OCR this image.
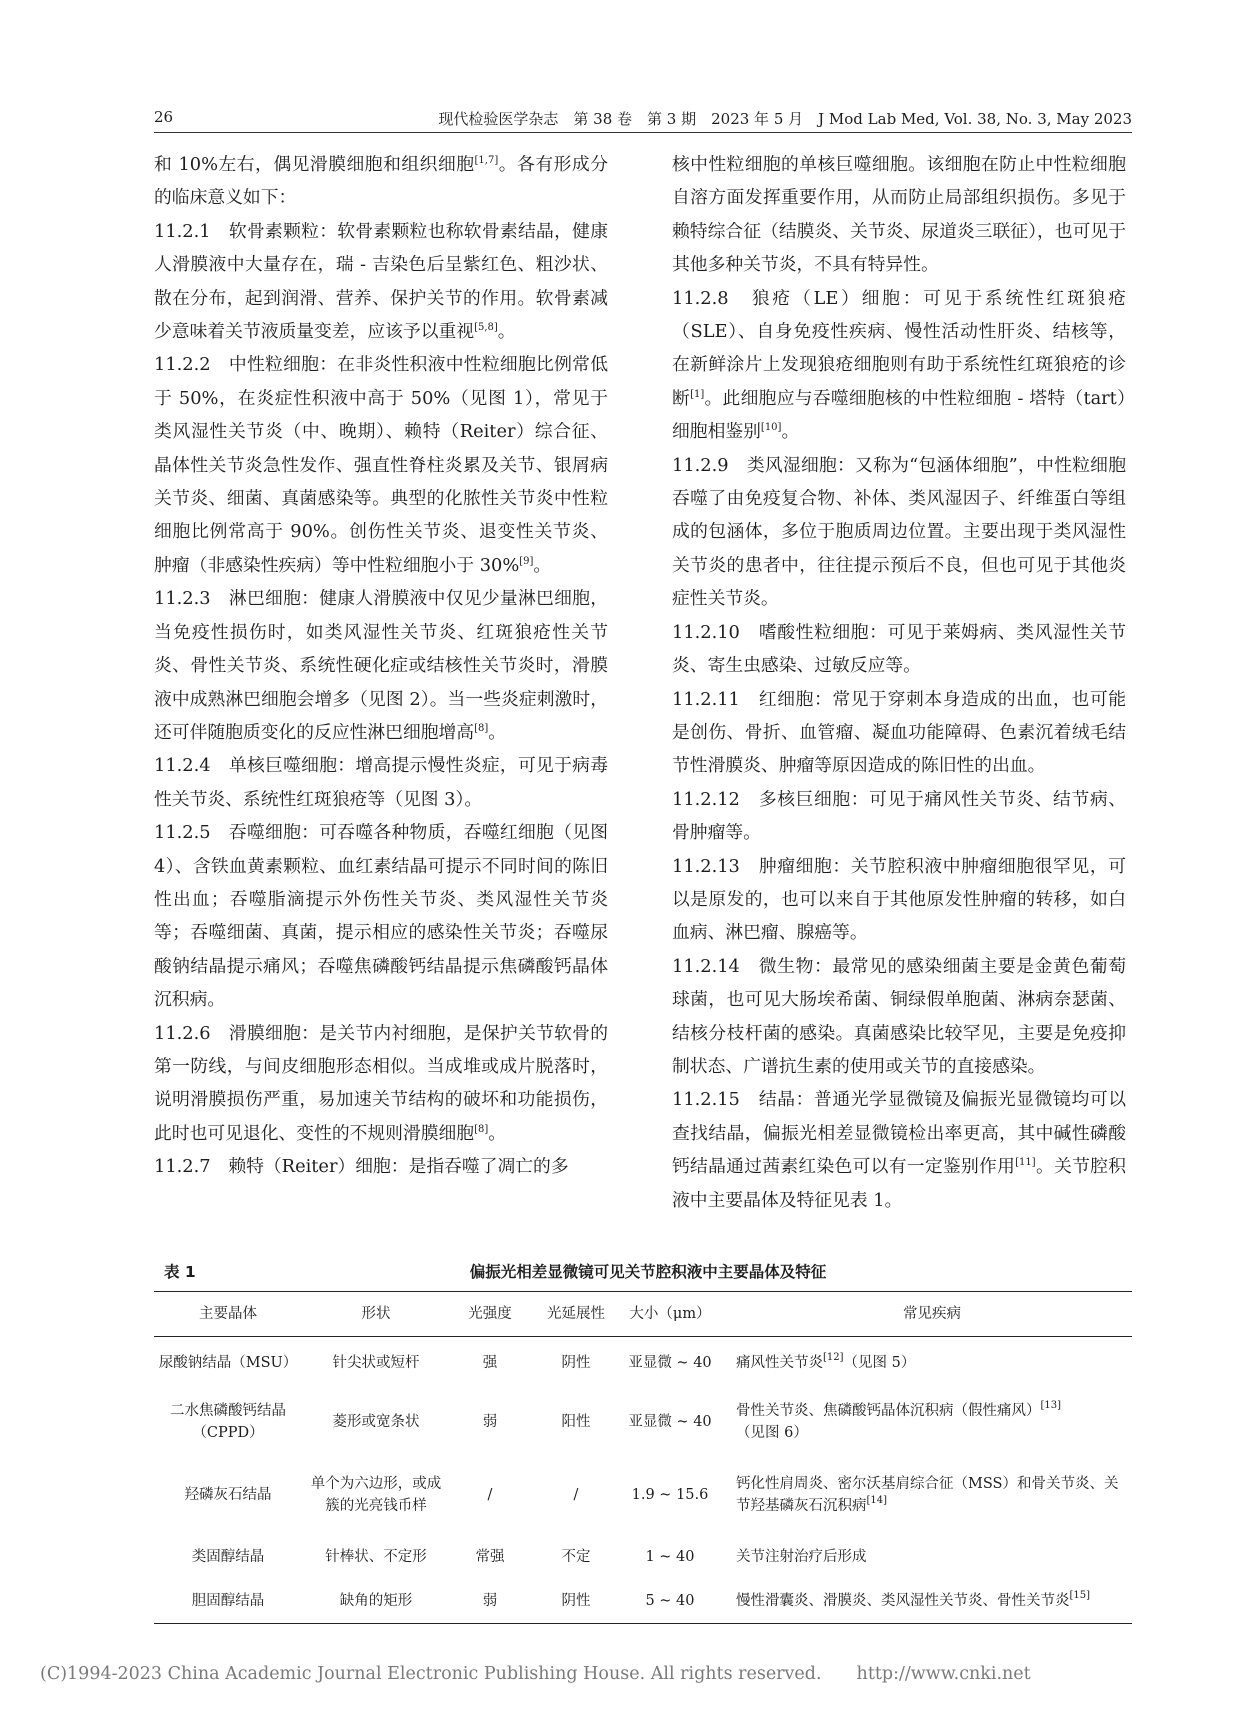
26	现代检验医学杂志　第 38 卷　第 3 期　2023 年 5 月　J Mod Lab Med, Vol. 38, No. 3, May 2023

和 10%左右，偶见滑膜细胞和组织细胞[1,7]。各有形成分的临床意义如下：

11.2.1　软骨素颗粒：软骨素颗粒也称软骨素结晶，健康人滑膜液中大量存在，瑞 - 吉染色后呈紫红色、粗沙状、散在分布，起到润滑、营养、保护关节的作用。软骨素减少意味着关节液质量变差，应该予以重视[5,8]。

11.2.2　中性粒细胞：在非炎性积液中性粒细胞比例常低于 50%，在炎症性积液中高于 50%（见图 1），常见于类风湿性关节炎（中、晚期）、赖特（Reiter）综合征、晶体性关节炎急性发作、强直性脊柱炎累及关节、银屑病关节炎、细菌、真菌感染等。典型的化脓性关节炎中性粒细胞比例常高于 90%。创伤性关节炎、退变性关节炎、肿瘤（非感染性疾病）等中性粒细胞小于 30%[9]。

11.2.3　淋巴细胞：健康人滑膜液中仅见少量淋巴细胞，当免疫性损伤时，如类风湿性关节炎、红斑狼疮性关节炎、骨性关节炎、系统性硬化症或结核性关节炎时，滑膜液中成熟淋巴细胞会增多（见图 2）。当一些炎症刺激时，还可伴随胞质变化的反应性淋巴细胞增高[8]。

11.2.4　单核巨噬细胞：增高提示慢性炎症，可见于病毒性关节炎、系统性红斑狼疮等（见图 3）。

11.2.5　吞噬细胞：可吞噬各种物质，吞噬红细胞（见图 4）、含铁血黄素颗粒、血红素结晶可提示不同时间的陈旧性出血；吞噬脂滴提示外伤性关节炎、类风湿性关节炎等；吞噬细菌、真菌，提示相应的感染性关节炎；吞噬尿酸钠结晶提示痛风；吞噬焦磷酸钙结晶提示焦磷酸钙晶体沉积病。

11.2.6　滑膜细胞：是关节内衬细胞，是保护关节软骨的第一防线，与间皮细胞形态相似。当成堆或成片脱落时，说明滑膜损伤严重，易加速关节结构的破坏和功能损伤，此时也可见退化、变性的不规则滑膜细胞[8]。

11.2.7　赖特（Reiter）细胞：是指吞噬了凋亡的多

核中性粒细胞的单核巨噬细胞。该细胞在防止中性粒细胞自溶方面发挥重要作用，从而防止局部组织损伤。多见于赖特综合征（结膜炎、关节炎、尿道炎三联征），也可见于其他多种关节炎，不具有特异性。

11.2.8　狼疮（LE）细胞：可见于系统性红斑狼疮（SLE）、自身免疫性疾病、慢性活动性肝炎、结核等，在新鲜涂片上发现狼疮细胞则有助于系统性红斑狼疮的诊断[1]。此细胞应与吞噬细胞核的中性粒细胞 - 塔特（tart）细胞相鉴别[10]。

11.2.9　类风湿细胞：又称为“包涵体细胞”，中性粒细胞吞噬了由免疫复合物、补体、类风湿因子、纤维蛋白等组成的包涵体，多位于胞质周边位置。主要出现于类风湿性关节炎的患者中，往往提示预后不良，但也可见于其他炎症性关节炎。

11.2.10　嗜酸性粒细胞：可见于莱姆病、类风湿性关节炎、寄生虫感染、过敏反应等。

11.2.11　红细胞：常见于穿刺本身造成的出血，也可能是创伤、骨折、血管瘤、凝血功能障碍、色素沉着绒毛结节性滑膜炎、肿瘤等原因造成的陈旧性的出血。

11.2.12　多核巨细胞：可见于痛风性关节炎、结节病、骨肿瘤等。

11.2.13　肿瘤细胞：关节腔积液中肿瘤细胞很罕见，可以是原发的，也可以来自于其他原发性肿瘤的转移，如白血病、淋巴瘤、腺癌等。

11.2.14　微生物：最常见的感染细菌主要是金黄色葡萄球菌，也可见大肠埃希菌、铜绿假单胞菌、淋病奈瑟菌、结核分枝杆菌的感染。真菌感染比较罕见，主要是免疫抑制状态、广谱抗生素的使用或关节的直接感染。

11.2.15　结晶：普通光学显微镜及偏振光显微镜均可以查找结晶，偏振光相差显微镜检出率更高，其中碱性磷酸钙结晶通过茜素红染色可以有一定鉴别作用[11]。关节腔积液中主要晶体及特征见表 1。

表 1	偏振光相差显微镜可见关节腔积液中主要晶体及特征
主要晶体	形状	光强度	光延展性	大小（μm）	常见疾病
尿酸钠结晶（MSU）	针尖状或短杆	强	阴性	亚显微 ~ 40	痛风性关节炎[12]（见图 5）
二水焦磷酸钙结晶（CPPD）	菱形或宽条状	弱	阳性	亚显微 ~ 40	骨性关节炎、焦磷酸钙晶体沉积病（假性痛风）[13]（见图 6）
羟磷灰石结晶	单个为六边形，或成簇的光亮钱币样	/	/	1.9 ~ 15.6	钙化性肩周炎、密尔沃基肩综合征（MSS）和骨关节炎、关节羟基磷灰石沉积病[14]
类固醇结晶	针棒状、不定形	常强	不定	1 ~ 40	关节注射治疗后形成
胆固醇结晶	缺角的矩形	弱	阴性	5 ~ 40	慢性滑囊炎、滑膜炎、类风湿性关节炎、骨性关节炎[15]
(C)1994-2023 China Academic Journal Electronic Publishing House. All rights reserved.　　http://www.cnki.net
